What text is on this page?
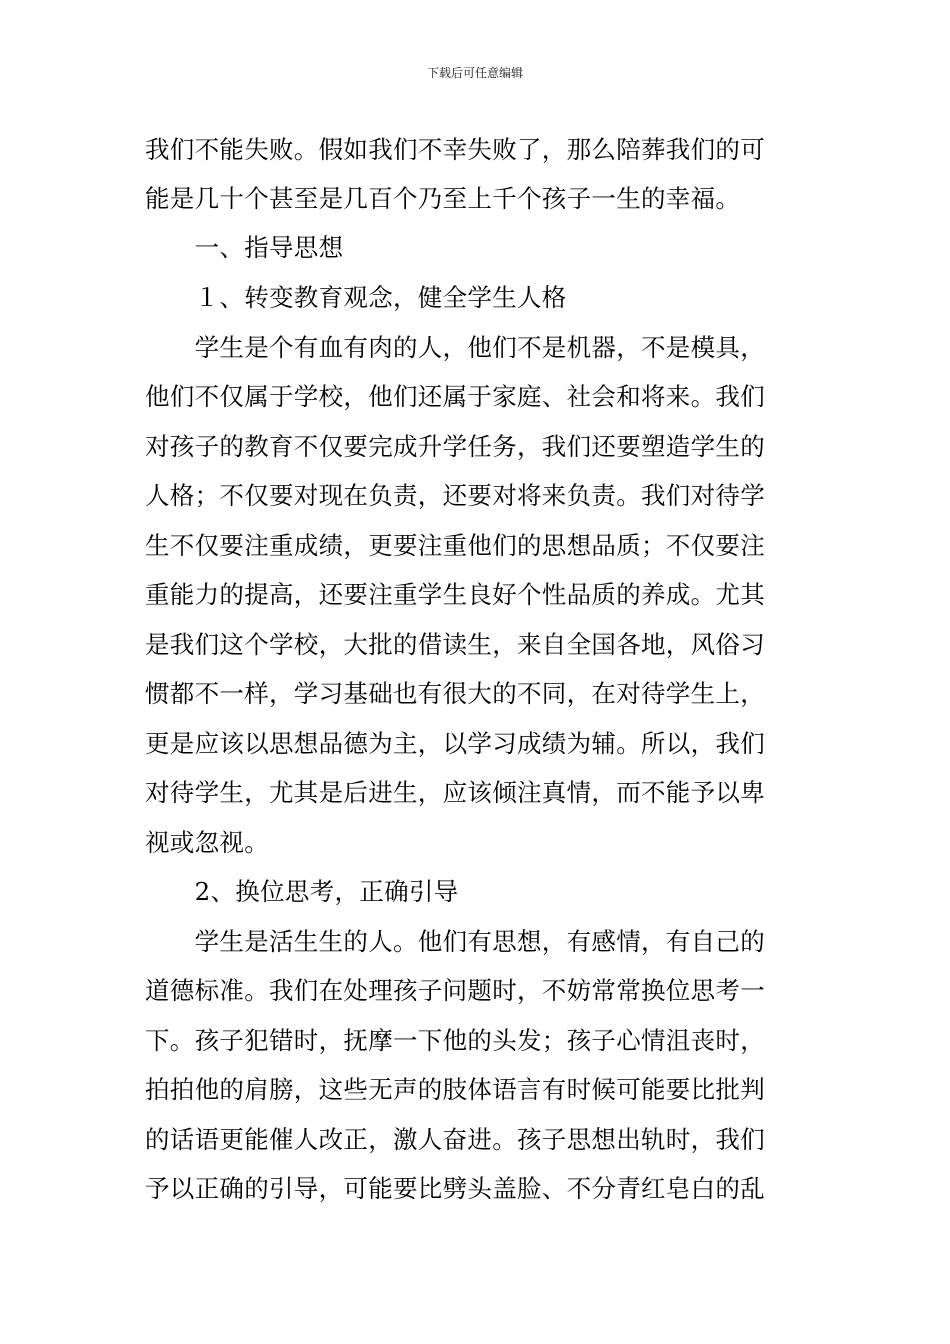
下载后可任意编辑
我们不能失败。假如我们不幸失败了，那么陪葬我们的可
能是几十个甚至是几百个乃至上千个孩子一生的幸福。
　　一、指导思想
　　１、转变教育观念，健全学生人格
　　学生是个有血有肉的人，他们不是机器，不是模具，
他们不仅属于学校，他们还属于家庭、社会和将来。我们
对孩子的教育不仅要完成升学任务，我们还要塑造学生的
人格；不仅要对现在负责，还要对将来负责。我们对待学
生不仅要注重成绩，更要注重他们的思想品质；不仅要注
重能力的提高，还要注重学生良好个性品质的养成。尤其
是我们这个学校，大批的借读生，来自全国各地，风俗习
惯都不一样，学习基础也有很大的不同，在对待学生上，
更是应该以思想品德为主，以学习成绩为辅。所以，我们
对待学生，尤其是后进生，应该倾注真情，而不能予以卑
视或忽视。
　　2、换位思考，正确引导
　　学生是活生生的人。他们有思想，有感情，有自己的
道德标准。我们在处理孩子问题时，不妨常常换位思考一
下。孩子犯错时，抚摩一下他的头发；孩子心情沮丧时，
拍拍他的肩膀，这些无声的肢体语言有时候可能要比批判
的话语更能催人改正，激人奋进。孩子思想出轨时，我们
予以正确的引导，可能要比劈头盖脸、不分青红皂白的乱
